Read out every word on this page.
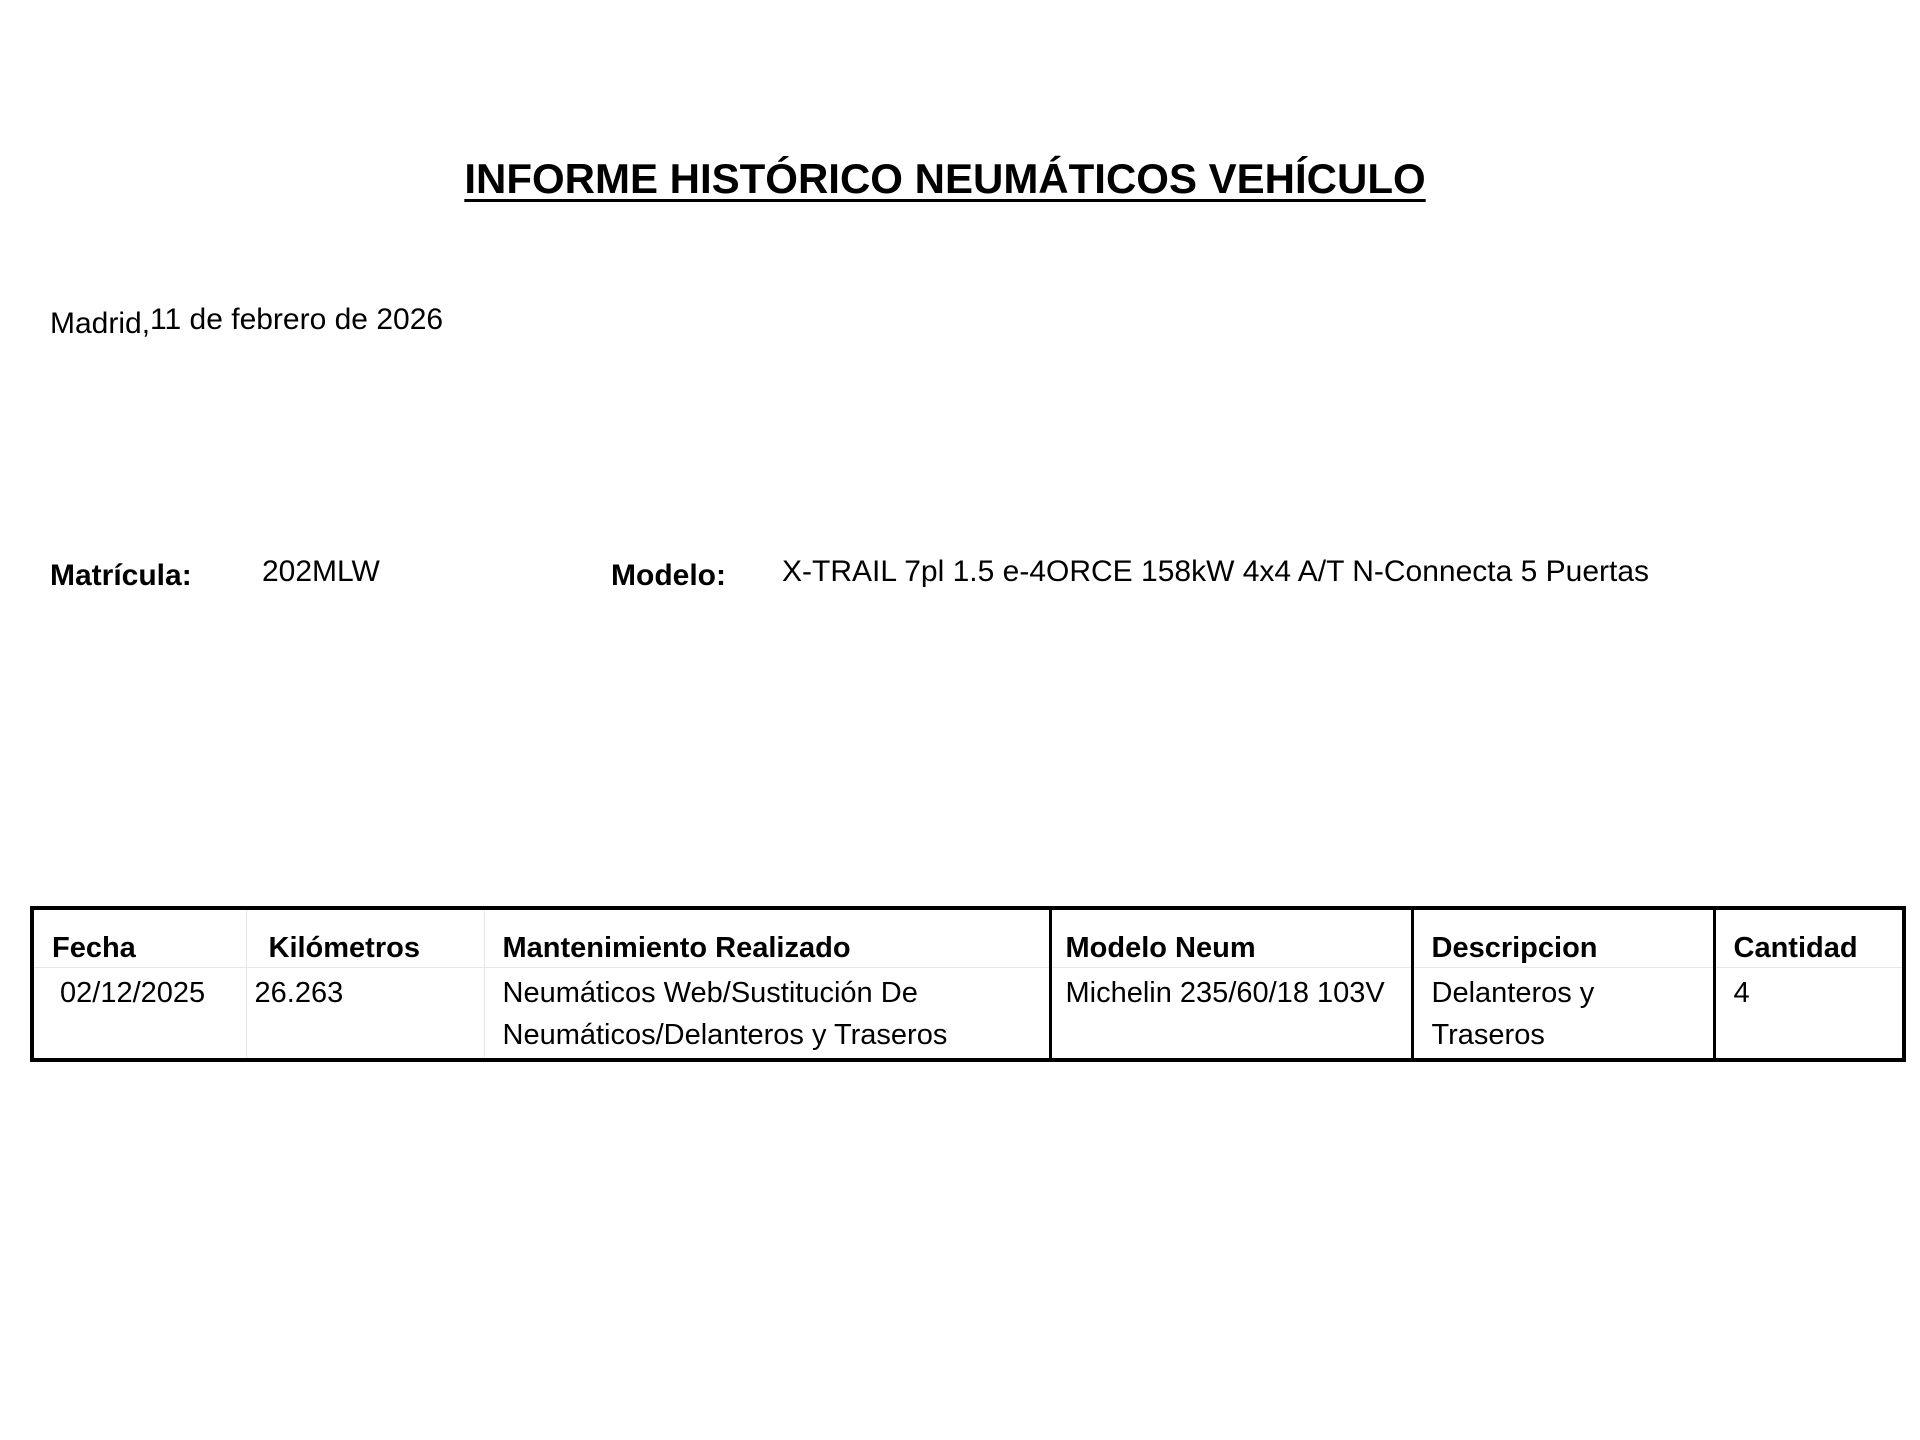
INFORME HISTÓRICO NEUMÁTICOS VEHÍCULO
Madrid,11 de febrero de 2026
Matrícula: 202MLW	Modelo: X-TRAIL 7pl 1.5 e-4ORCE 158kW 4x4 A/T N-Connecta 5 Puertas
Fecha	Kilómetros	Mantenimiento Realizado	Modelo Neum	Descripcion	Cantidad
02/12/2025	26.263	Neumáticos Web/Sustitución De Neumáticos/Delanteros y Traseros	Michelin 235/60/18 103V	Delanteros y Traseros	4
